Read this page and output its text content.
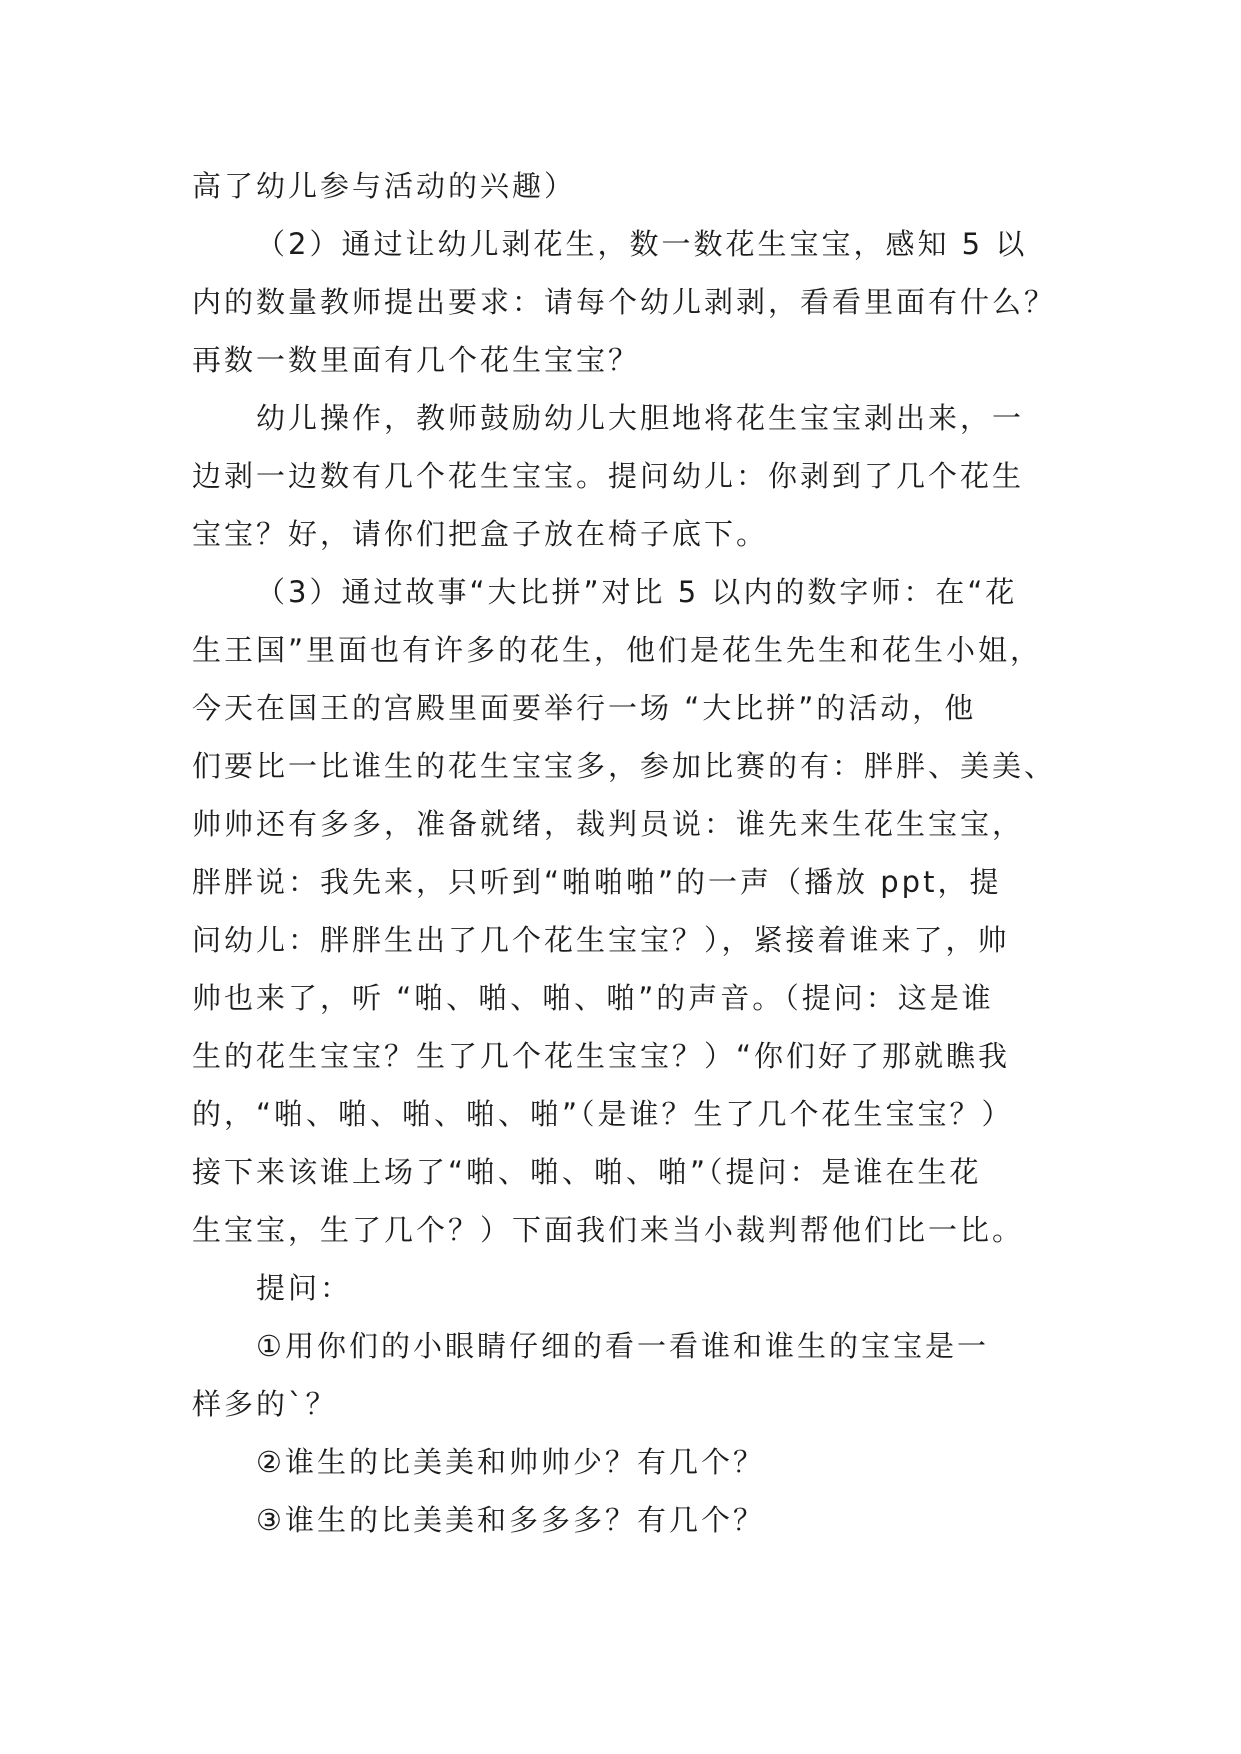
高了幼儿参与活动的兴趣）
（2）通过让幼儿剥花生，数一数花生宝宝，感知 5 以
内的数量教师提出要求：请每个幼儿剥剥，看看里面有什么？
再数一数里面有几个花生宝宝？
幼儿操作，教师鼓励幼儿大胆地将花生宝宝剥出来，一
边剥一边数有几个花生宝宝。提问幼儿：你剥到了几个花生
宝宝？好，请你们把盒子放在椅子底下。
（3）通过故事“大比拼”对比 5 以内的数字师：在“花
生王国”里面也有许多的花生，他们是花生先生和花生小姐，
今天在国王的宫殿里面要举行一场 “大比拼”的活动，他
们要比一比谁生的花生宝宝多，参加比赛的有：胖胖、美美、
帅帅还有多多，准备就绪，裁判员说：谁先来生花生宝宝，
胖胖说：我先来，只听到“啪啪啪”的一声（播放 ppt，提
问幼儿：胖胖生出了几个花生宝宝？），紧接着谁来了，帅
帅也来了，听 “啪、啪、啪、啪”的声音。（提问：这是谁
生的花生宝宝？生了几个花生宝宝？）“你们好了那就瞧我
的，“啪、啪、啪、啪、啪”（是谁？生了几个花生宝宝？）
接下来该谁上场了“啪、啪、啪、啪”（提问：是谁在生花
生宝宝，生了几个？）下面我们来当小裁判帮他们比一比。
提问：
①用你们的小眼睛仔细的看一看谁和谁生的宝宝是一
样多的`？
②谁生的比美美和帅帅少？有几个？
③谁生的比美美和多多多？有几个？
